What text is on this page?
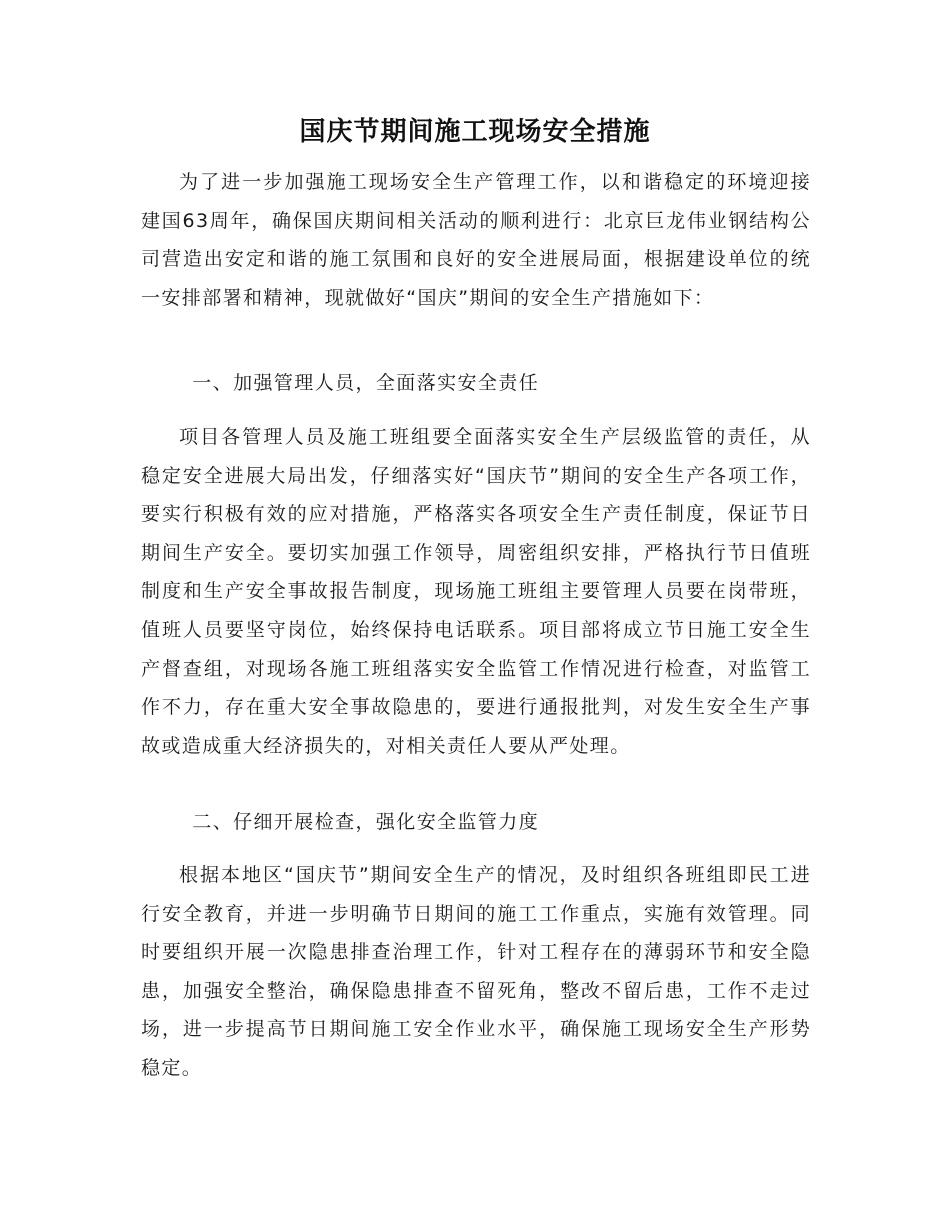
国庆节期间施工现场安全措施

为了进一步加强施工现场安全生产管理工作，以和谐稳定的环境迎接建国63周年，确保国庆期间相关活动的顺利进行：北京巨龙伟业钢结构公司营造出安定和谐的施工氛围和良好的安全进展局面，根据建设单位的统一安排部署和精神，现就做好“国庆”期间的安全生产措施如下：

一、加强管理人员，全面落实安全责任

项目各管理人员及施工班组要全面落实安全生产层级监管的责任，从稳定安全进展大局出发，仔细落实好“国庆节”期间的安全生产各项工作，要实行积极有效的应对措施，严格落实各项安全生产责任制度，保证节日期间生产安全。要切实加强工作领导，周密组织安排，严格执行节日值班制度和生产安全事故报告制度，现场施工班组主要管理人员要在岗带班，值班人员要坚守岗位，始终保持电话联系。项目部将成立节日施工安全生产督查组，对现场各施工班组落实安全监管工作情况进行检查，对监管工作不力，存在重大安全事故隐患的，要进行通报批判，对发生安全生产事故或造成重大经济损失的，对相关责任人要从严处理。

二、仔细开展检查，强化安全监管力度

根据本地区“国庆节”期间安全生产的情况，及时组织各班组即民工进行安全教育，并进一步明确节日期间的施工工作重点，实施有效管理。同时要组织开展一次隐患排查治理工作，针对工程存在的薄弱环节和安全隐患，加强安全整治，确保隐患排查不留死角，整改不留后患，工作不走过场，进一步提高节日期间施工安全作业水平，确保施工现场安全生产形势稳定。
